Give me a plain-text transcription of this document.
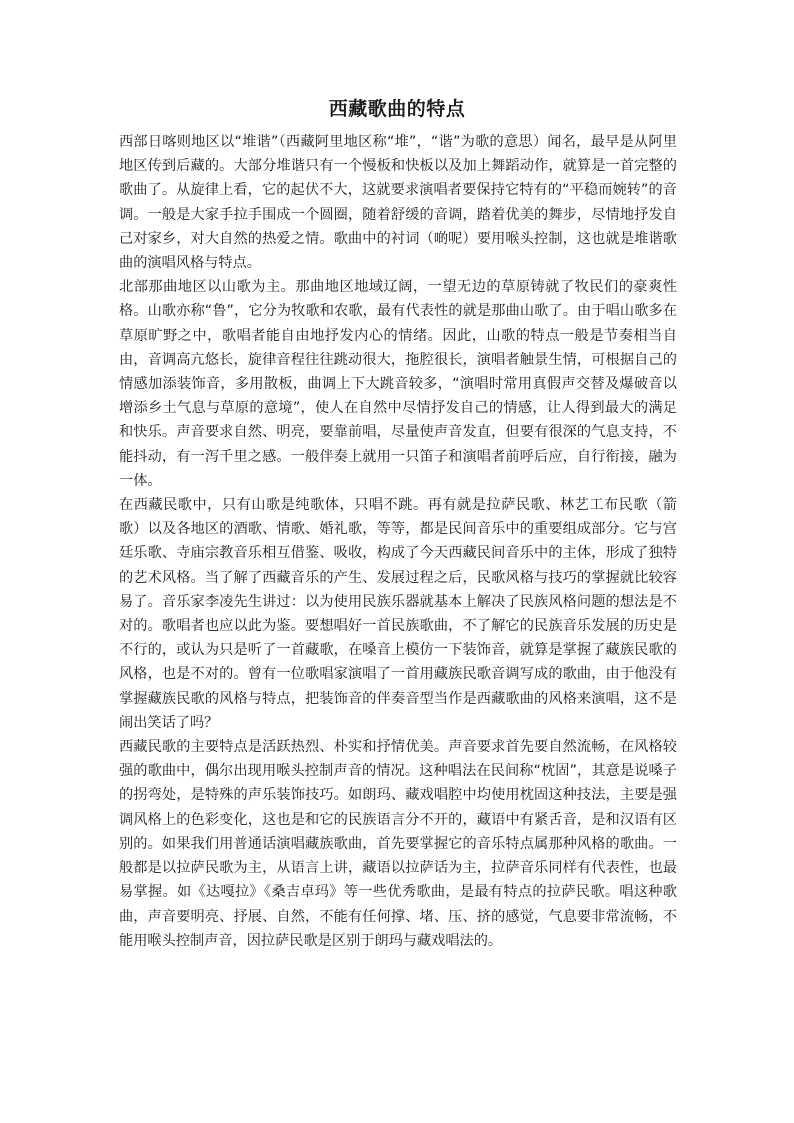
西藏歌曲的特点

西部日喀则地区以“堆谐”（西藏阿里地区称“堆”，“谐”为歌的意思）闻名，最早是从阿里地区传到后藏的。大部分堆谐只有一个慢板和快板以及加上舞蹈动作，就算是一首完整的歌曲了。从旋律上看，它的起伏不大，这就要求演唱者要保持它特有的“平稳而婉转”的音调。一般是大家手拉手围成一个圆圈，随着舒缓的音调，踏着优美的舞步，尽情地抒发自己对家乡，对大自然的热爱之情。歌曲中的衬词（啲呢）要用喉头控制，这也就是堆谐歌曲的演唱风格与特点。

北部那曲地区以山歌为主。那曲地区地域辽阔，一望无边的草原铸就了牧民们的豪爽性格。山歌亦称“鲁”，它分为牧歌和农歌，最有代表性的就是那曲山歌了。由于唱山歌多在草原旷野之中，歌唱者能自由地抒发内心的情绪。因此，山歌的特点一般是节奏相当自由，音调高亢悠长，旋律音程往往跳动很大，拖腔很长，演唱者触景生情，可根据自己的情感加添装饰音，多用散板，曲调上下大跳音较多，“演唱时常用真假声交替及爆破音以增添乡土气息与草原的意境”，使人在自然中尽情抒发自己的情感，让人得到最大的满足和快乐。声音要求自然、明亮，要靠前唱，尽量使声音发直，但要有很深的气息支持，不能抖动，有一泻千里之感。一般伴奏上就用一只笛子和演唱者前呼后应，自行衔接，融为一体。

在西藏民歌中，只有山歌是纯歌体，只唱不跳。再有就是拉萨民歌、林艺工布民歌（箭歌）以及各地区的酒歌、情歌、婚礼歌，等等，都是民间音乐中的重要组成部分。它与宫廷乐歌、寺庙宗教音乐相互借鉴、吸收，构成了今天西藏民间音乐中的主体，形成了独特的艺术风格。当了解了西藏音乐的产生、发展过程之后，民歌风格与技巧的掌握就比较容易了。音乐家李凌先生讲过：以为使用民族乐器就基本上解决了民族风格问题的想法是不对的。歌唱者也应以此为鉴。要想唱好一首民族歌曲，不了解它的民族音乐发展的历史是不行的，或认为只是听了一首藏歌，在嗓音上模仿一下装饰音，就算是掌握了藏族民歌的风格，也是不对的。曾有一位歌唱家演唱了一首用藏族民歌音调写成的歌曲，由于他没有掌握藏族民歌的风格与特点，把装饰音的伴奏音型当作是西藏歌曲的风格来演唱，这不是闹出笑话了吗？

西藏民歌的主要特点是活跃热烈、朴实和抒情优美。声音要求首先要自然流畅，在风格较强的歌曲中，偶尔出现用喉头控制声音的情况。这种唱法在民间称“枕固”，其意是说嗓子的拐弯处，是特殊的声乐装饰技巧。如朗玛、藏戏唱腔中均使用枕固这种技法，主要是强调风格上的色彩变化，这也是和它的民族语言分不开的，藏语中有紧舌音，是和汉语有区别的。如果我们用普通话演唱藏族歌曲，首先要掌握它的音乐特点属那种风格的歌曲。一般都是以拉萨民歌为主，从语言上讲，藏语以拉萨话为主，拉萨音乐同样有代表性，也最易掌握。如《达嘎拉》《桑吉卓玛》等一些优秀歌曲，是最有特点的拉萨民歌。唱这种歌曲，声音要明亮、抒展、自然，不能有任何撑、堵、压、挤的感觉，气息要非常流畅，不能用喉头控制声音，因拉萨民歌是区别于朗玛与藏戏唱法的。
